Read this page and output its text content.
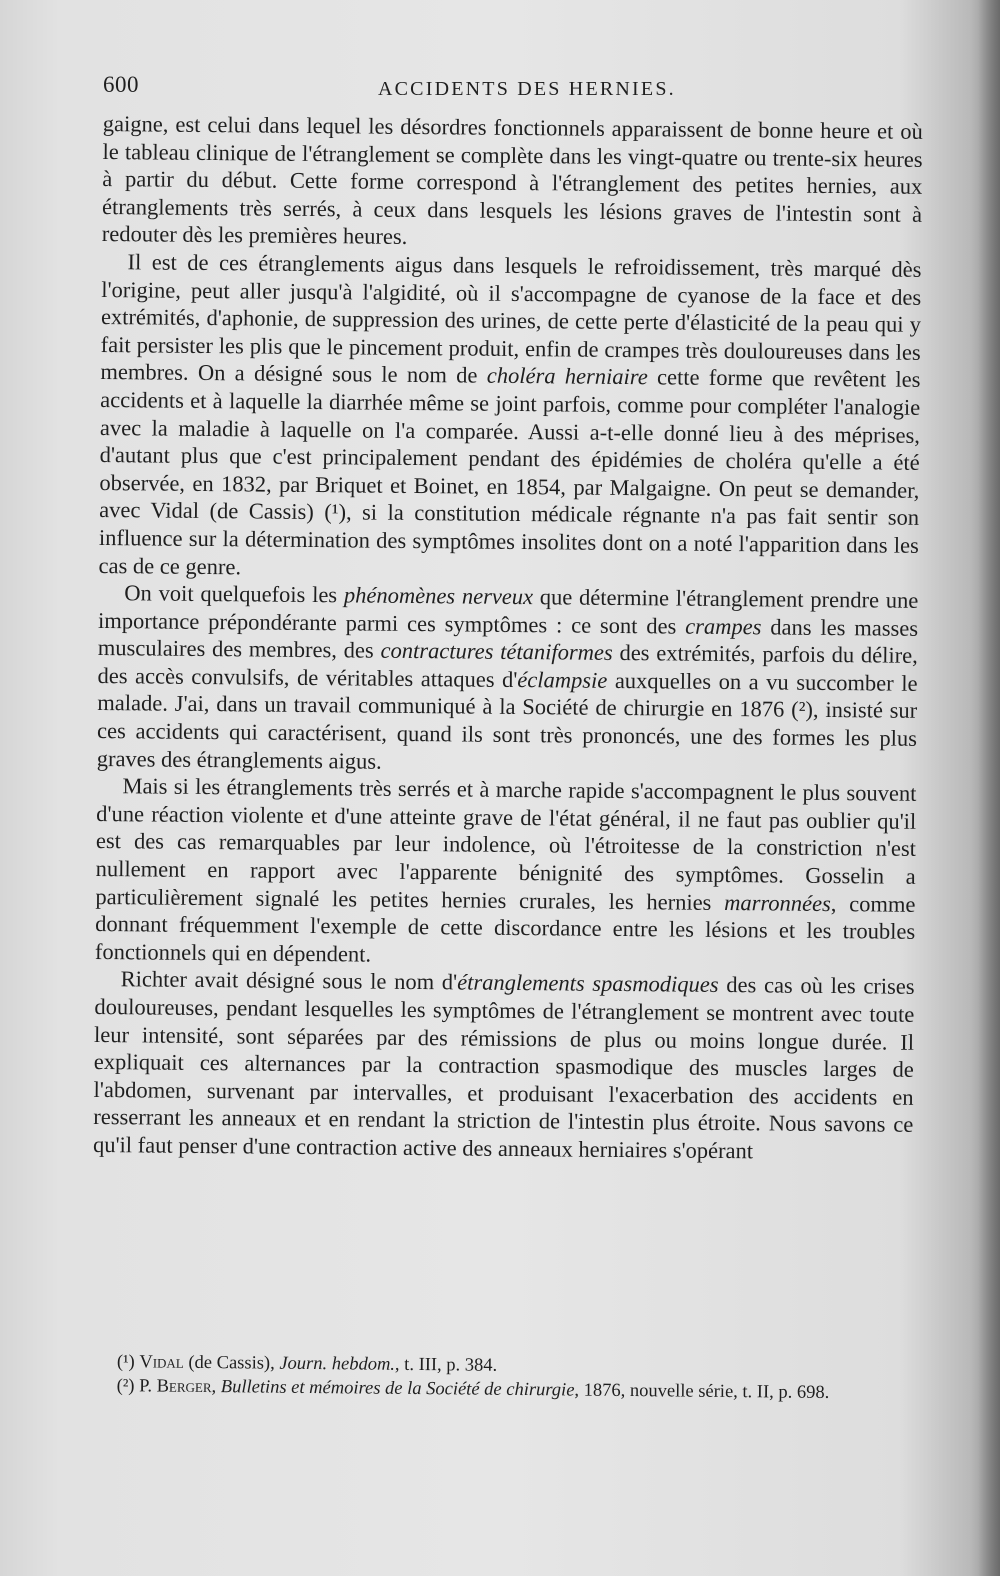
600	ACCIDENTS DES HERNIES.

gaigne, est celui dans lequel les désordres fonctionnels apparaissent de bonne heure et où le tableau clinique de l'étranglement se complète dans les vingt-quatre ou trente-six heures à partir du début. Cette forme correspond à l'étranglement des petites hernies, aux étranglements très serrés, à ceux dans lesquels les lésions graves de l'intestin sont à redouter dès les premières heures.

Il est de ces étranglements aigus dans lesquels le refroidissement, très marqué dès l'origine, peut aller jusqu'à l'algidité, où il s'accompagne de cyanose de la face et des extrémités, d'aphonie, de suppression des urines, de cette perte d'élasticité de la peau qui y fait persister les plis que le pincement produit, enfin de crampes très douloureuses dans les membres. On a désigné sous le nom de choléra herniaire cette forme que revêtent les accidents et à laquelle la diarrhée même se joint parfois, comme pour compléter l'analogie avec la maladie à laquelle on l'a comparée. Aussi a-t-elle donné lieu à des méprises, d'autant plus que c'est principalement pendant des épidémies de choléra qu'elle a été observée, en 1832, par Briquet et Boinet, en 1854, par Malgaigne. On peut se demander, avec Vidal (de Cassis) (¹), si la constitution médicale régnante n'a pas fait sentir son influence sur la détermination des symptômes insolites dont on a noté l'apparition dans les cas de ce genre.

On voit quelquefois les phénomènes nerveux que détermine l'étranglement prendre une importance prépondérante parmi ces symptômes : ce sont des crampes dans les masses musculaires des membres, des contractures tétaniformes des extrémités, parfois du délire, des accès convulsifs, de véritables attaques d'éclampsie auxquelles on a vu succomber le malade. J'ai, dans un travail communiqué à la Société de chirurgie en 1876 (²), insisté sur ces accidents qui caractérisent, quand ils sont très prononcés, une des formes les plus graves des étranglements aigus.

Mais si les étranglements très serrés et à marche rapide s'accompagnent le plus souvent d'une réaction violente et d'une atteinte grave de l'état général, il ne faut pas oublier qu'il est des cas remarquables par leur indolence, où l'étroitesse de la constriction n'est nullement en rapport avec l'apparente bénignité des symptômes. Gosselin a particulièrement signalé les petites hernies crurales, les hernies marronnées, comme donnant fréquemment l'exemple de cette discordance entre les lésions et les troubles fonctionnels qui en dépendent.

Richter avait désigné sous le nom d'étranglements spasmodiques des cas où les crises douloureuses, pendant lesquelles les symptômes de l'étranglement se montrent avec toute leur intensité, sont séparées par des rémissions de plus ou moins longue durée. Il expliquait ces alternances par la contraction spasmodique des muscles larges de l'abdomen, survenant par intervalles, et produisant l'exacerbation des accidents en resserrant les anneaux et en rendant la striction de l'intestin plus étroite. Nous savons ce qu'il faut penser d'une contraction active des anneaux herniaires s'opérant

(¹) Vidal (de Cassis), Journ. hebdom., t. III, p. 384.

(²) P. Berger, Bulletins et mémoires de la Société de chirurgie, 1876, nouvelle série, t. II, p. 698.
